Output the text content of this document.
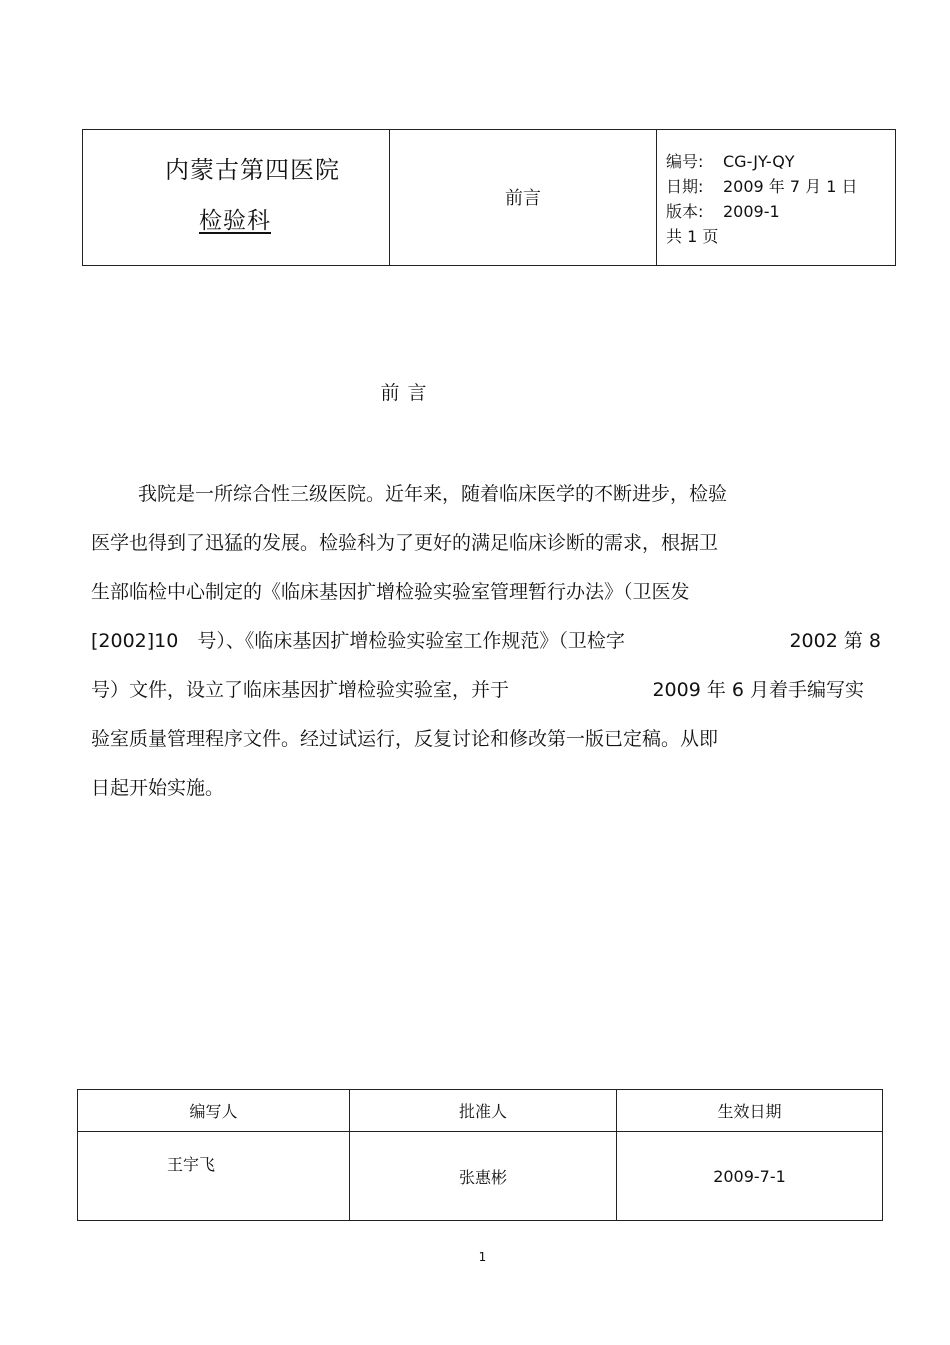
内蒙古第四医院
检验科

前言

编号:	CG-JY-QY
日期:	2009 年 7 月 1 日
版本:	2009-1
共 1 页
前言
我院是一所综合性三级医院。近年来，随着临床医学的不断进步，检验
医学也得到了迅猛的发展。检验科为了更好的满足临床诊断的需求，根据卫
生部临检中心制定的《临床基因扩增检验实验室管理暂行办法》（卫医发
[2002]10　号）、《临床基因扩增检验实验室工作规范》（卫检字	2002 第 8
号）文件，设立了临床基因扩增检验实验室，并于	2009 年 6 月着手编写实
验室质量管理程序文件。经过试运行，反复讨论和修改第一版已定稿。从即
日起开始实施。
编写人	批准人	生效日期
王宇飞	张惠彬	2009-7-1
1
